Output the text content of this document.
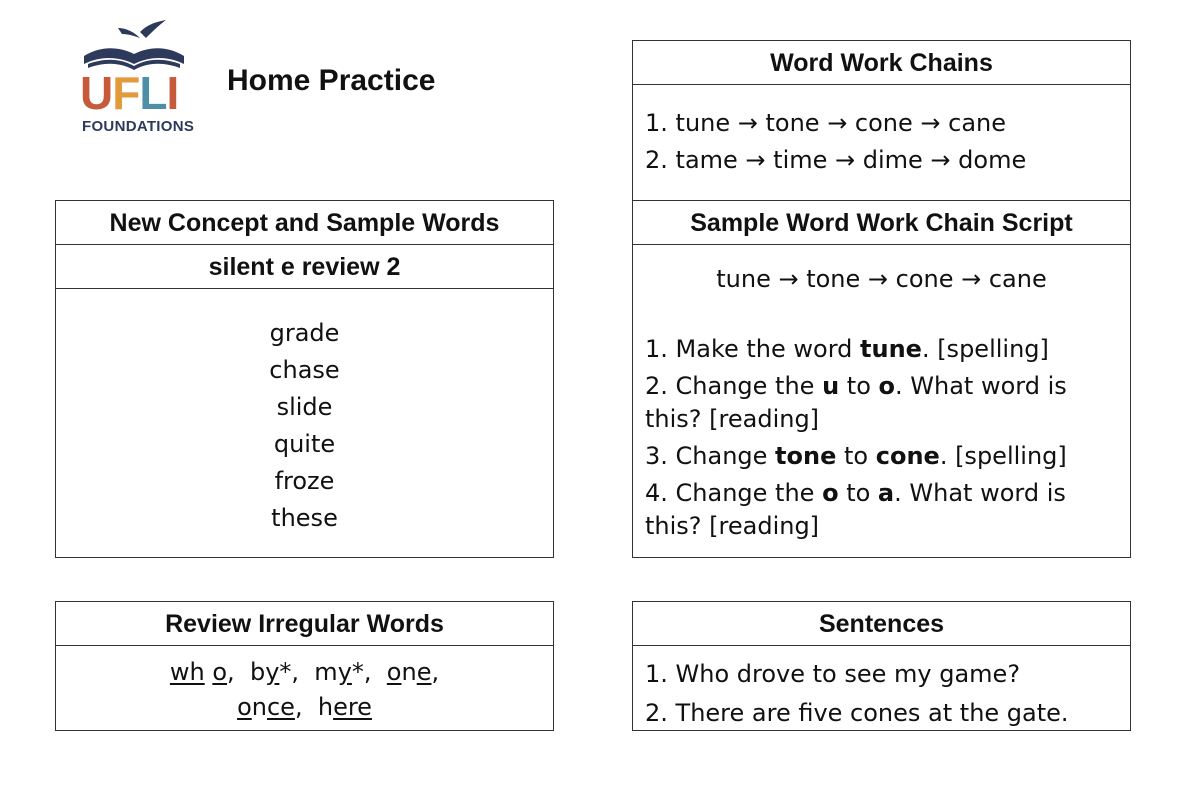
UFLI
FOUNDATIONS
Home Practice
New Concept and Sample Words
silent e review 2
grade
chase
slide
quite
froze
these
Review Irregular Words
wh o, by*, my*, one,
once, here
Word Work Chains
1. tune → tone → cone → cane
2. tame → time → dime → dome
Sample Word Work Chain Script
tune → tone → cone → cane
1. Make the word tune. [spelling]
2. Change the u to o. What word is this? [reading]
3. Change tone to cone. [spelling]
4. Change the o to a. What word is this? [reading]
Sentences
1. Who drove to see my game?
2. There are five cones at the gate.
